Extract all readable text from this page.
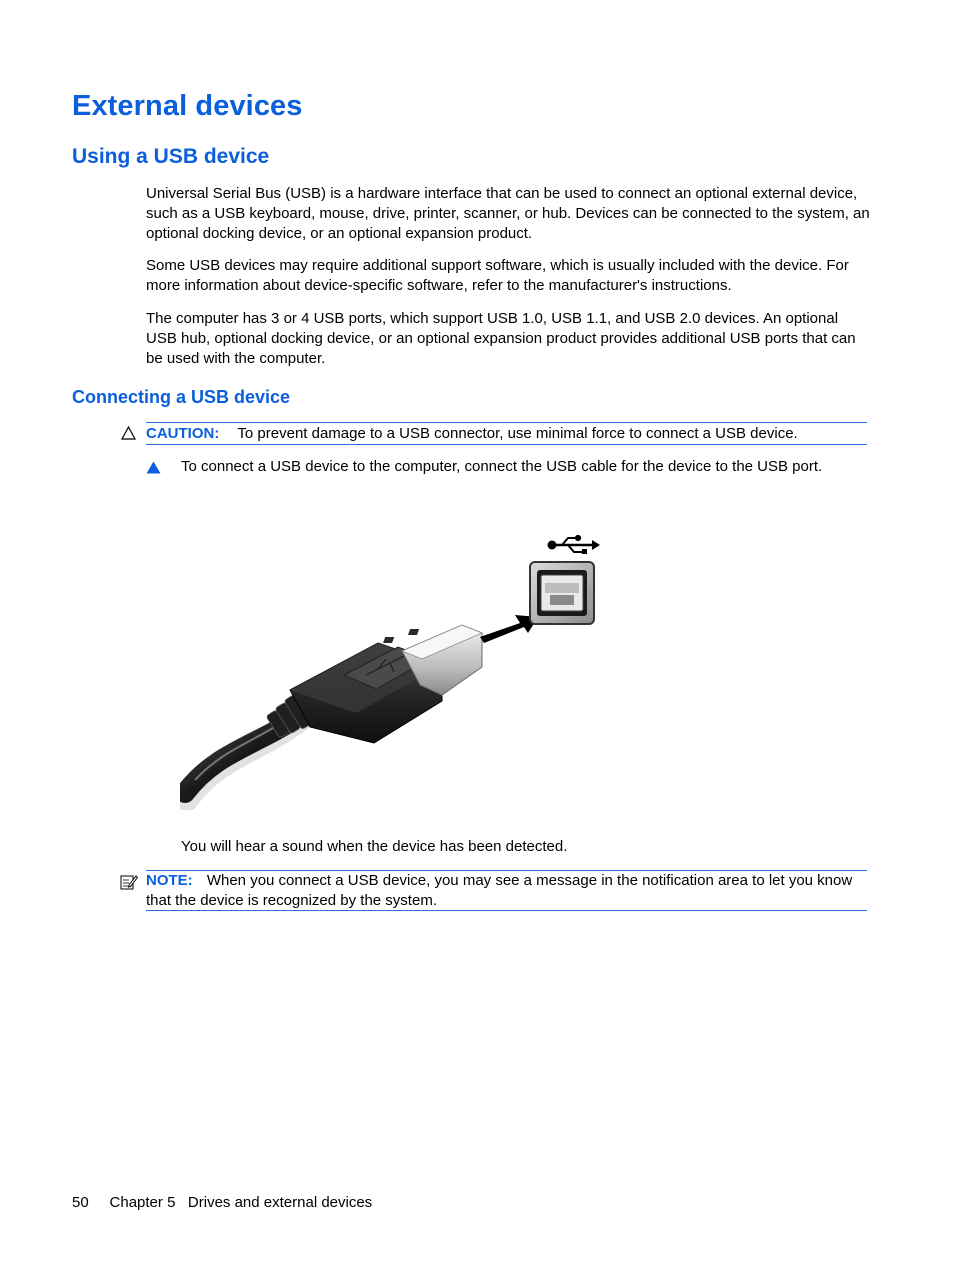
External devices
Using a USB device

Universal Serial Bus (USB) is a hardware interface that can be used to connect an optional external device, such as a USB keyboard, mouse, drive, printer, scanner, or hub. Devices can be connected to the system, an optional docking device, or an optional expansion product.

Some USB devices may require additional support software, which is usually included with the device. For more information about device-specific software, refer to the manufacturer's instructions.

The computer has 3 or 4 USB ports, which support USB 1.0, USB 1.1, and USB 2.0 devices. An optional USB hub, optional docking device, or an optional expansion product provides additional USB ports that can be used with the computer.

Connecting a USB device
CAUTION: To prevent damage to a USB connector, use minimal force to connect a USB device.
To connect a USB device to the computer, connect the USB cable for the device to the USB port.
You will hear a sound when the device has been detected.
NOTE: When you connect a USB device, you may see a message in the notification area to let you know that the device is recognized by the system.
50 Chapter 5 Drives and external devices
